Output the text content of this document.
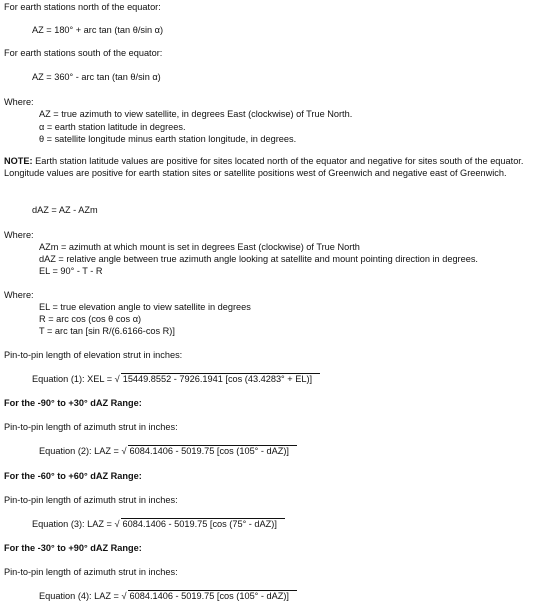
For earth stations north of the equator:
AZ = 180° + arc tan (tan θ/sin α)
For earth stations south of the equator:
AZ = 360° - arc tan (tan θ/sin α)
Where:
AZ = true azimuth to view satellite, in degrees East (clockwise) of True North.
α = earth station latitude in degrees.
θ = satellite longitude minus earth station longitude, in degrees.
NOTE: Earth station latitude values are positive for sites located north of the equator and negative for sites south of the equator. Longitude values are positive for earth station sites or satellite positions west of Greenwich and negative east of Greenwich.
dAZ = AZ - AZm
Where:
AZm = azimuth at which mount is set in degrees East (clockwise) of True North
dAZ = relative angle between true azimuth angle looking at satellite and mount pointing direction in degrees.
EL = 90° - T - R
Where:
EL = true elevation angle to view satellite in degrees
R = arc cos (cos θ cos α)
T = arc tan [sin R/(6.6166-cos R)]
Pin-to-pin length of elevation strut in inches:
Equation (1): XEL = √ 15449.8552 - 7926.1941 [cos (43.4283° + EL)]
For the -90° to +30° dAZ Range:
Pin-to-pin length of azimuth strut in inches:
Equation (2): LAZ = √ 6084.1406 - 5019.75 [cos (105° - dAZ)]
For the -60° to +60° dAZ Range:
Pin-to-pin length of azimuth strut in inches:
Equation (3): LAZ = √ 6084.1406 - 5019.75 [cos (75° - dAZ)]
For the -30° to +90° dAZ Range:
Pin-to-pin length of azimuth strut in inches:
Equation (4): LAZ = √ 6084.1406 - 5019.75 [cos (105° - dAZ)]
